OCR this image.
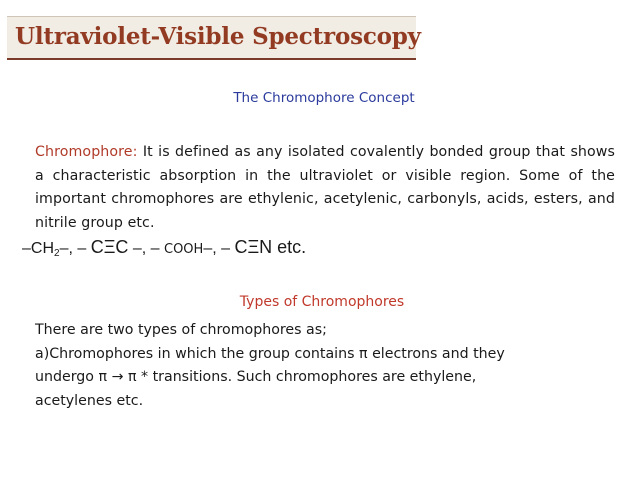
Ultraviolet-Visible Spectroscopy
The Chromophore Concept
Chromophore: It is defined as any isolated covalently bonded group that shows a characteristic absorption in the ultraviolet or visible region. Some of the important chromophores are ethylenic, acetylenic, carbonyls, acids, esters, and nitrile group etc.
$-CH_2-$, – CΞC –, – COOH–, – CΞN etc.
Types of Chromophores
There are two types of chromophores as;
a)Chromophores in which the group contains π electrons and they
undergo π → π * transitions. Such chromophores are ethylene,
acetylenes etc.
